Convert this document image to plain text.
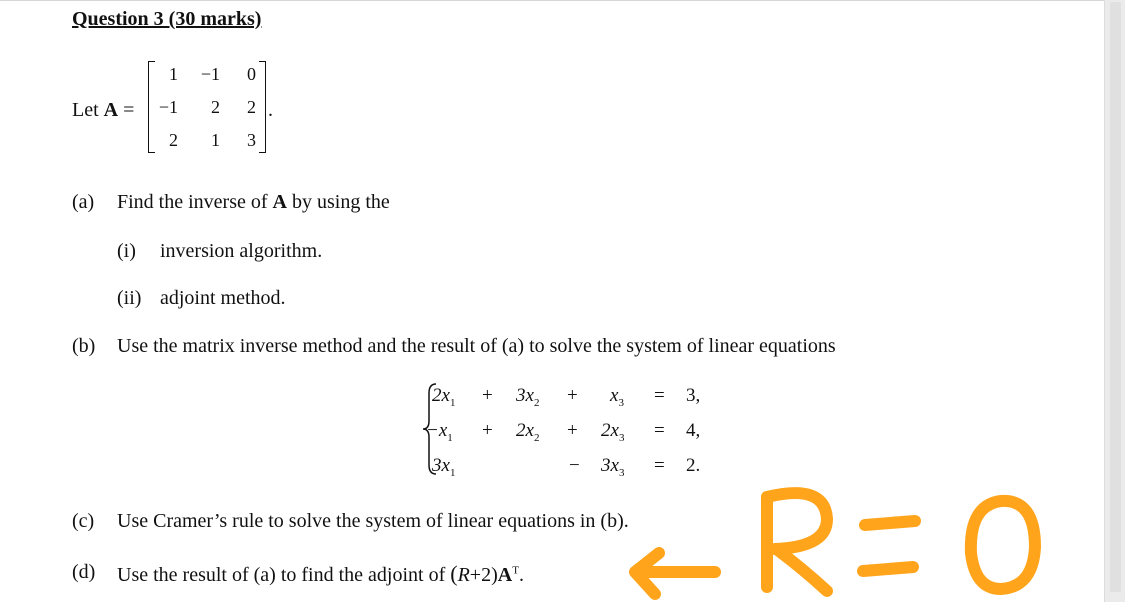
Question 3 (30 marks)
Let A =
1	−1	0
−1	2	2
2	1	3
.
(a) Find the inverse of A by using the
(i) inversion algorithm.
(ii) adjoint method.
(b) Use the matrix inverse method and the result of (a) to solve the system of linear equations
$2x_1 + 3x_2 + x_3 = 3$,
$-x_1 + 2x_2 + 2x_3 = 4$,
$3x_1$	− $3x_3 = 2$.
(c) Use Cramer’s rule to solve the system of linear equations in (b).
(d) Use the result of (a) to find the adjoint of $(R+2)A^T$.
